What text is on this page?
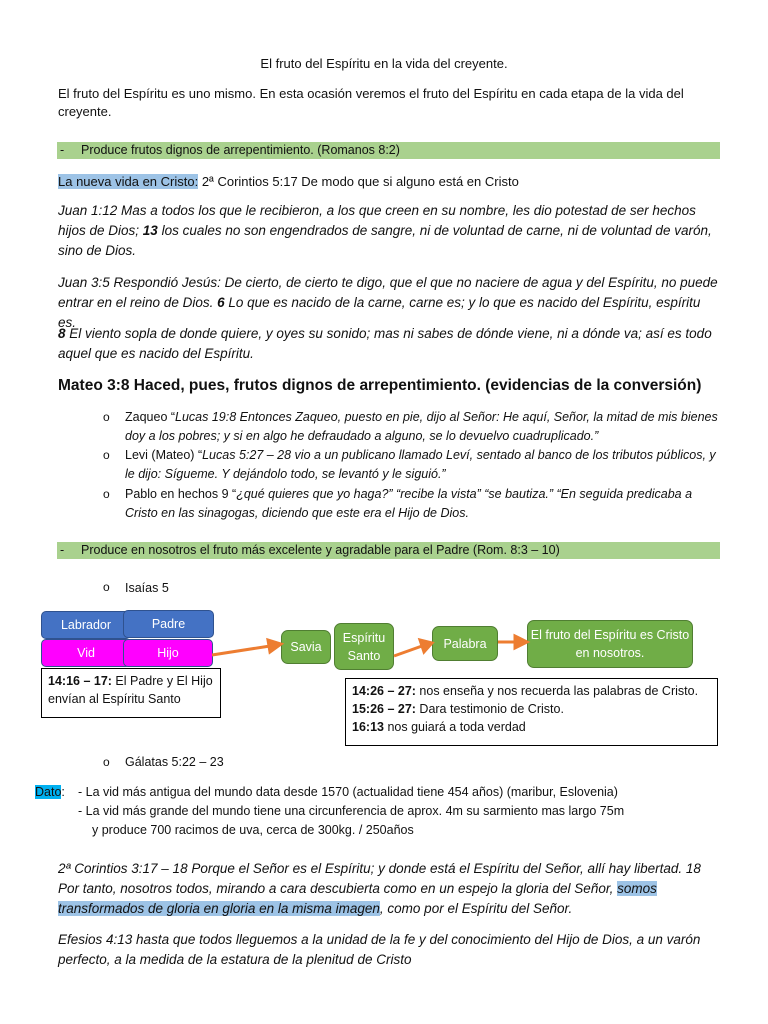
El fruto del Espíritu en la vida del creyente.
El fruto del Espíritu es uno mismo. En esta ocasión veremos el fruto del Espíritu en cada etapa de la vida del creyente.
- Produce frutos dignos de arrepentimiento. (Romanos 8:2)
La nueva vida en Cristo: 2ª Corintios 5:17 De modo que si alguno está en Cristo
Juan 1:12 Mas a todos los que le recibieron, a los que creen en su nombre, les dio potestad de ser hechos hijos de Dios; 13 los cuales no son engendrados de sangre, ni de voluntad de carne, ni de voluntad de varón, sino de Dios.
Juan 3:5 Respondió Jesús: De cierto, de cierto te digo, que el que no naciere de agua y del Espíritu, no puede entrar en el reino de Dios. 6 Lo que es nacido de la carne, carne es; y lo que es nacido del Espíritu, espíritu es.
8 El viento sopla de donde quiere, y oyes su sonido; mas ni sabes de dónde viene, ni a dónde va; así es todo aquel que es nacido del Espíritu.
Mateo 3:8 Haced, pues, frutos dignos de arrepentimiento. (evidencias de la conversión)
o Zaqueo “Lucas 19:8 Entonces Zaqueo, puesto en pie, dijo al Señor: He aquí, Señor, la mitad de mis bienes doy a los pobres; y si en algo he defraudado a alguno, se lo devuelvo cuadruplicado.”
o Levi (Mateo) “Lucas 5:27 – 28 vio a un publicano llamado Leví, sentado al banco de los tributos públicos, y le dijo: Sígueme. Y dejándolo todo, se levantó y le siguió.”
o Pablo en hechos 9 “¿qué quieres que yo haga?” “recibe la vista” “se bautiza.” “En seguida predicaba a Cristo en las sinagogas, diciendo que este era el Hijo de Dios.
- Produce en nosotros el fruto más excelente y agradable para el Padre (Rom. 8:3 – 10)
o Isaías 5
Labrador	Padre
Vid	Hijo	Savia
Espíritu Santo
Palabra
El fruto del Espíritu es Cristo en nosotros.
14:16 – 17: El Padre y El Hijo envían al Espíritu Santo
14:26 – 27: nos enseña y nos recuerda las palabras de Cristo.
15:26 – 27: Dara testimonio de Cristo.
16:13 nos guiará a toda verdad
o Gálatas 5:22 – 23
Dato: - La vid más antigua del mundo data desde 1570 (actualidad tiene 454 años) (maribur, Eslovenia)
- La vid más grande del mundo tiene una circunferencia de aprox. 4m su sarmiento mas largo 75m
y produce 700 racimos de uva, cerca de 300kg. / 250años
2ª Corintios 3:17 – 18 Porque el Señor es el Espíritu; y donde está el Espíritu del Señor, allí hay libertad. 18 Por tanto, nosotros todos, mirando a cara descubierta como en un espejo la gloria del Señor, somos transformados de gloria en gloria en la misma imagen, como por el Espíritu del Señor.
Efesios 4:13 hasta que todos lleguemos a la unidad de la fe y del conocimiento del Hijo de Dios, a un varón perfecto, a la medida de la estatura de la plenitud de Cristo
